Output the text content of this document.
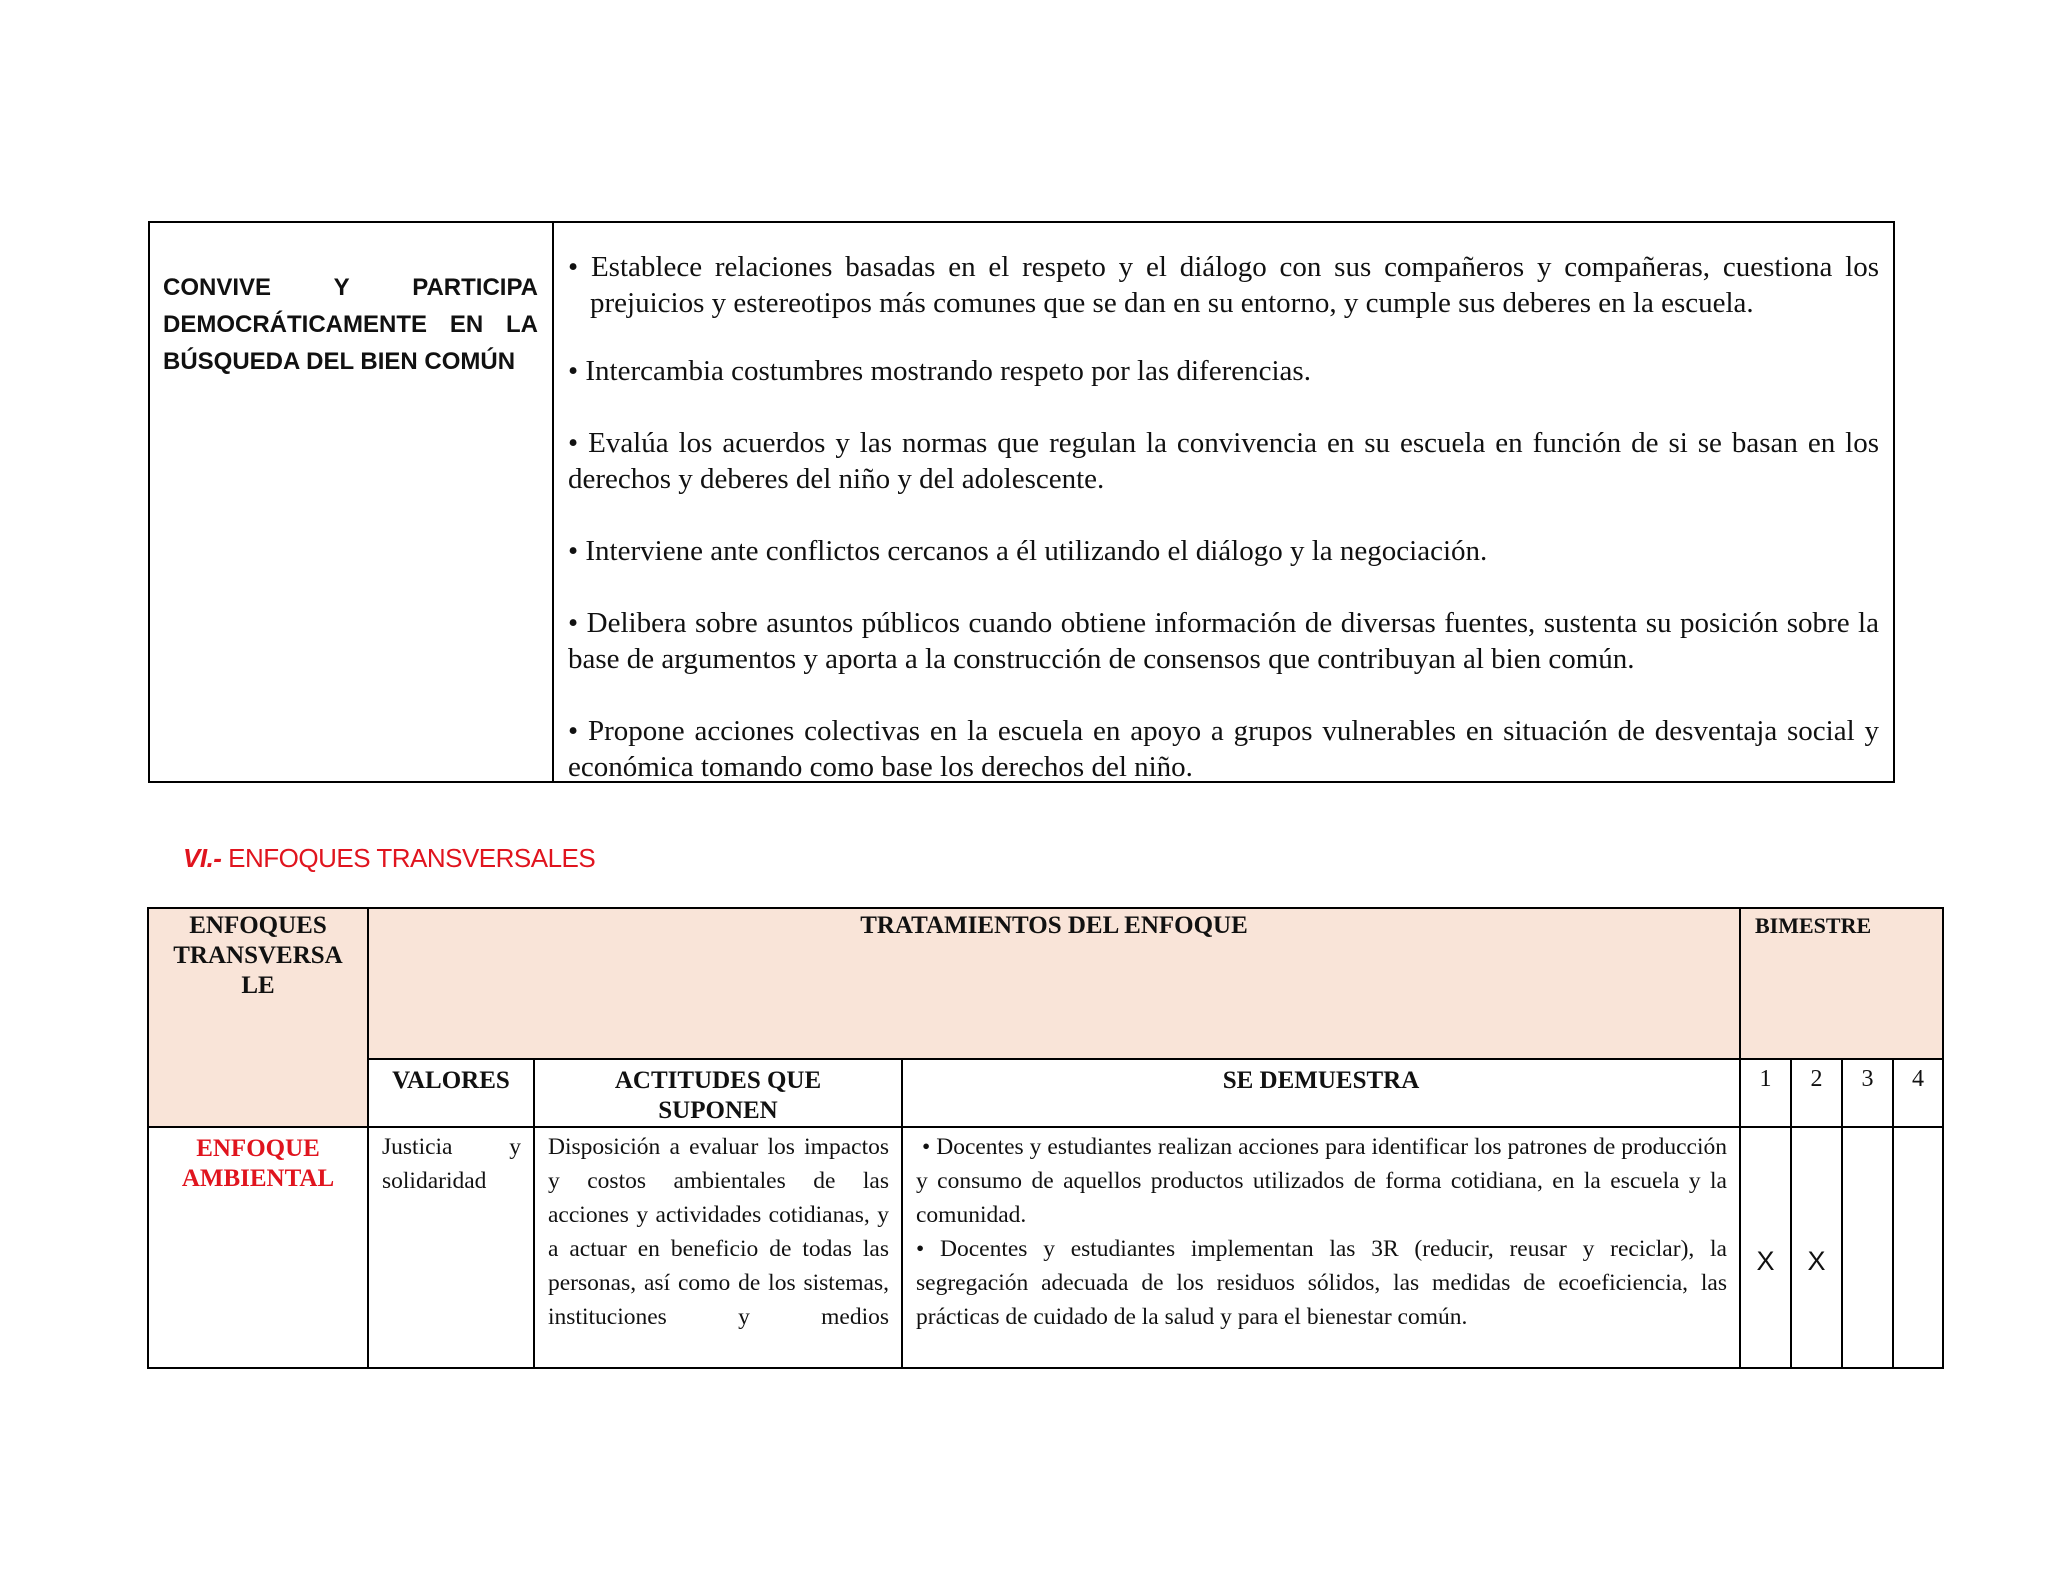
CONVIVE Y PARTICIPA DEMOCRÁTICAMENTE EN LA BÚSQUEDA DEL BIEN COMÚN

• Establece relaciones basadas en el respeto y el diálogo con sus compañeros y compañeras, cuestiona los prejuicios y estereotipos más comunes que se dan en su entorno, y cumple sus deberes en la escuela.

• Intercambia costumbres mostrando respeto por las diferencias.

• Evalúa los acuerdos y las normas que regulan la convivencia en su escuela en función de si se basan en los derechos y deberes del niño y del adolescente.

• Interviene ante conflictos cercanos a él utilizando el diálogo y la negociación.

• Delibera sobre asuntos públicos cuando obtiene información de diversas fuentes, sustenta su posición sobre la base de argumentos y aporta a la construcción de consensos que contribuyan al bien común.

• Propone acciones colectivas en la escuela en apoyo a grupos vulnerables en situación de desventaja social y económica tomando como base los derechos del niño.

VI.- ENFOQUES TRANSVERSALES
ENFOQUES TRANSVERSA LE	TRATAMIENTOS DEL ENFOQUE			BIMESTRE			
	VALORES	ACTITUDES QUE SUPONEN	SE DEMUESTRA	1	2	3	4
ENFOQUE AMBIENTAL	Justicia y solidaridad	Disposición a evaluar los impactos y costos ambientales de las acciones y actividades cotidianas, y a actuar en beneficio de todas las personas, así como de los sistemas, instituciones y medios	• Docentes y estudiantes realizan acciones para identificar los patrones de producción y consumo de aquellos productos utilizados de forma cotidiana, en la escuela y la comunidad.
• Docentes y estudiantes implementan las 3R (reducir, reusar y reciclar), la segregación adecuada de los residuos sólidos, las medidas de ecoeficiencia, las prácticas de cuidado de la salud y para el bienestar común.	X	X		
